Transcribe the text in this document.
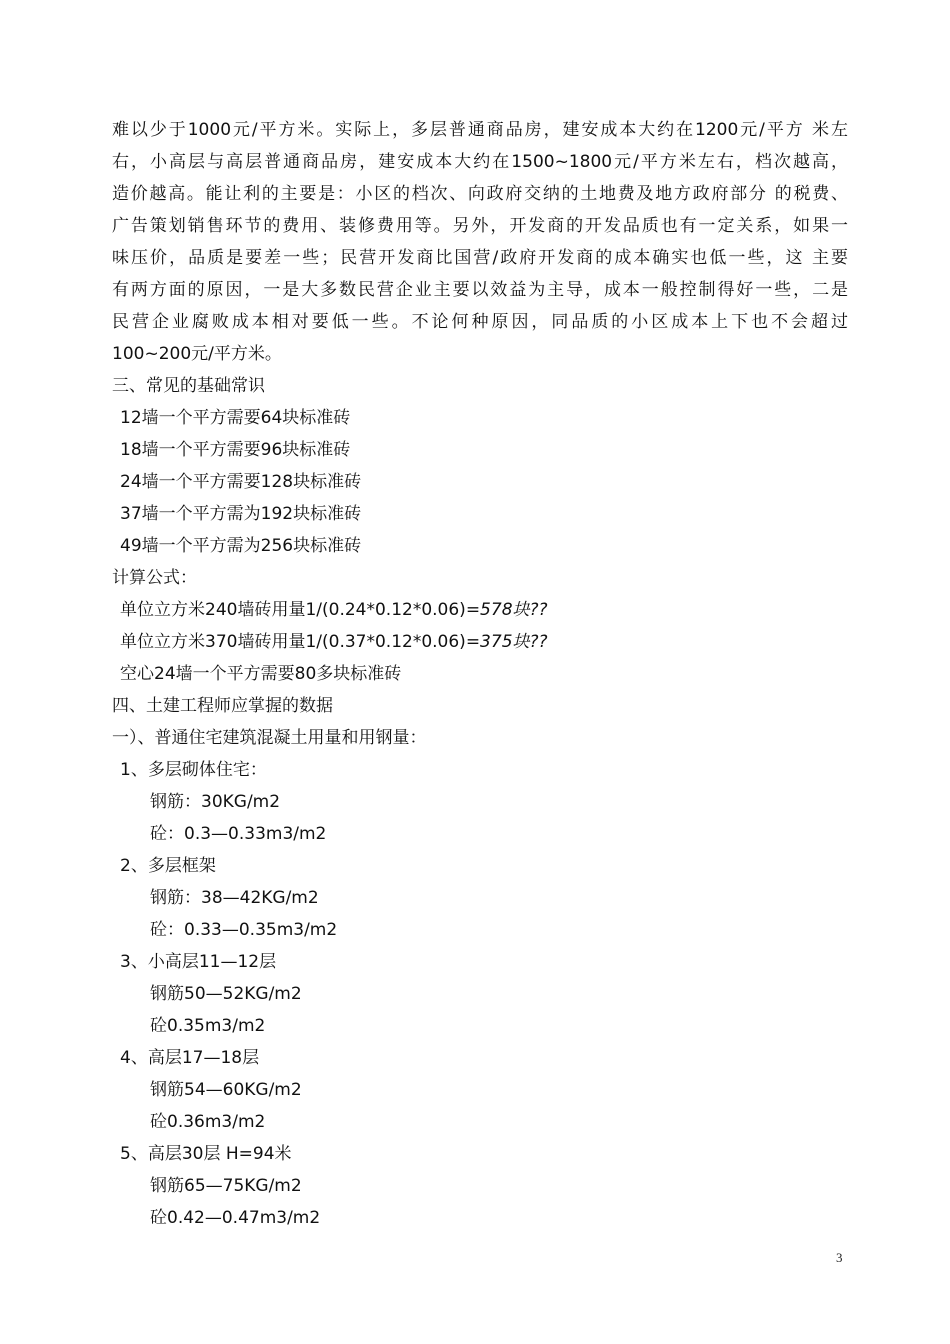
难以少于1000元/平方米。实际上，多层普通商品房，建安成本大约在1200元/平方 米左
右，小高层与高层普通商品房，建安成本大约在1500~1800元/平方米左右，档次越高，
造价越高。能让利的主要是：小区的档次、向政府交纳的土地费及地方政府部分 的税费、
广告策划销售环节的费用、装修费用等。另外，开发商的开发品质也有一定关系，如果一
味压价，品质是要差一些；民营开发商比国营/政府开发商的成本确实也低一些，这 主要
有两方面的原因，一是大多数民营企业主要以效益为主导，成本一般控制得好一些，二是
民营企业腐败成本相对要低一些。不论何种原因，同品质的小区成本上下也不会超过
100~200元/平方米。
三、常见的基础常识
12墙一个平方需要64块标准砖
18墙一个平方需要96块标准砖
24墙一个平方需要128块标准砖
37墙一个平方需为192块标准砖
49墙一个平方需为256块标准砖
计算公式：
单位立方米240墙砖用量1/(0.24*0.12*0.06)=578块??
单位立方米370墙砖用量1/(0.37*0.12*0.06)=375块??
空心24墙一个平方需要80多块标准砖
四、土建工程师应掌握的数据
一）、普通住宅建筑混凝土用量和用钢量：
1、多层砌体住宅：
钢筋：30KG/m2
砼：0.3—0.33m3/m2
2、多层框架
钢筋：38—42KG/m2
砼：0.33—0.35m3/m2
3、小高层11—12层
钢筋50—52KG/m2
砼0.35m3/m2
4、高层17—18层
钢筋54—60KG/m2
砼0.36m3/m2
5、高层30层 H=94米
钢筋65—75KG/m2
砼0.42—0.47m3/m2
3
